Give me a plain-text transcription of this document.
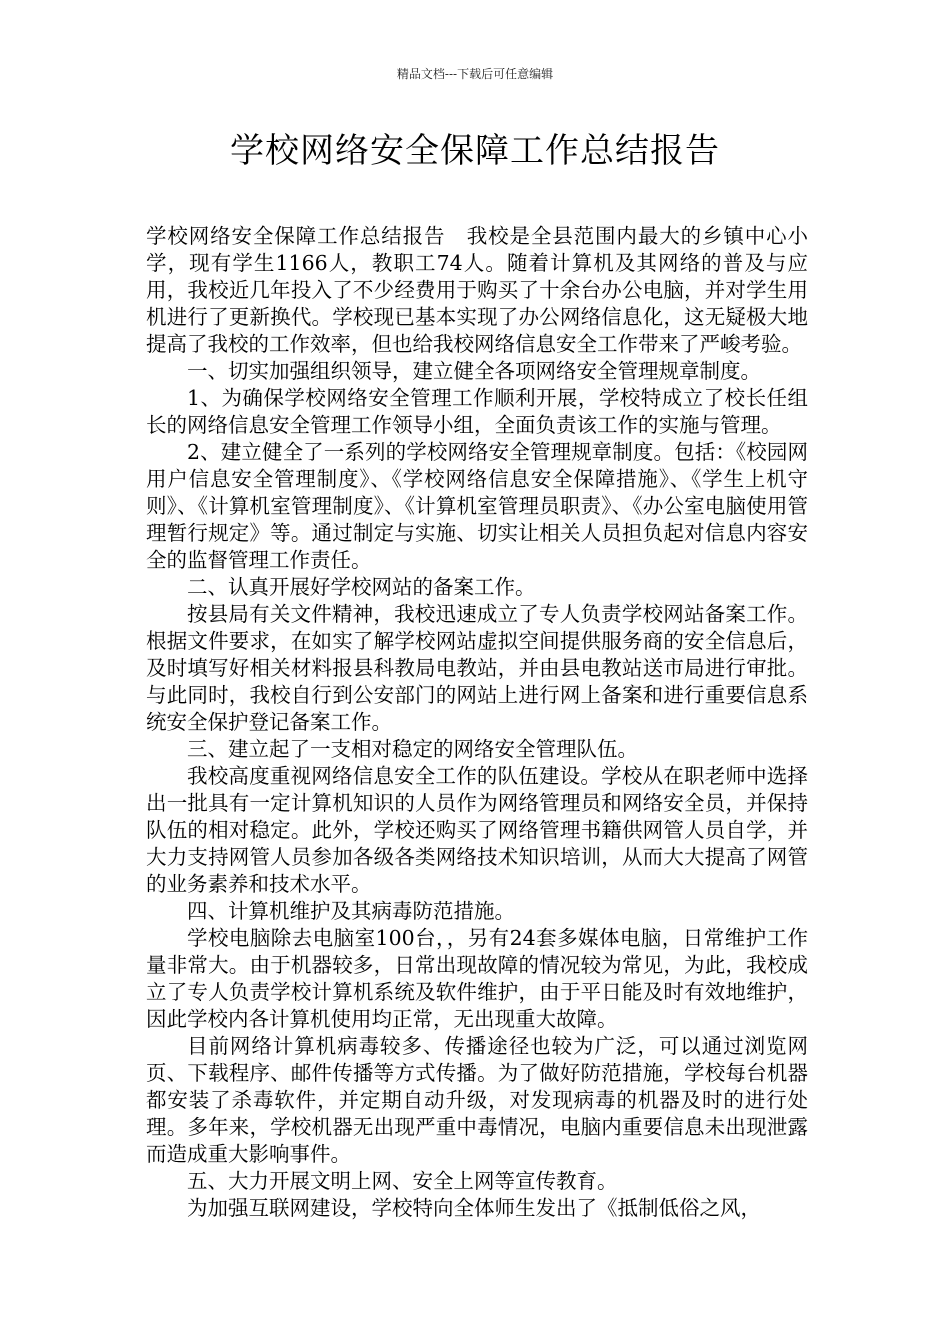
精品文档---下载后可任意编辑
学校网络安全保障工作总结报告

学校网络安全保障工作总结报告　我校是全县范围内最大的乡镇中心小学，现有学生1166人，教职工74人。随着计算机及其网络的普及与应用，我校近几年投入了不少经费用于购买了十余台办公电脑，并对学生用机进行了更新换代。学校现已基本实现了办公网络信息化，这无疑极大地提高了我校的工作效率，但也给我校网络信息安全工作带来了严峻考验。

一、切实加强组织领导，建立健全各项网络安全管理规章制度。

1、为确保学校网络安全管理工作顺利开展，学校特成立了校长任组长的网络信息安全管理工作领导小组，全面负责该工作的实施与管理。

2、建立健全了一系列的学校网络安全管理规章制度。包括：《校园网用户信息安全管理制度》、《学校网络信息安全保障措施》、《学生上机守则》、《计算机室管理制度》、《计算机室管理员职责》、《办公室电脑使用管理暂行规定》等。通过制定与实施、切实让相关人员担负起对信息内容安全的监督管理工作责任。

二、认真开展好学校网站的备案工作。

按县局有关文件精神，我校迅速成立了专人负责学校网站备案工作。根据文件要求，在如实了解学校网站虚拟空间提供服务商的安全信息后，及时填写好相关材料报县科教局电教站，并由县电教站送市局进行审批。与此同时，我校自行到公安部门的网站上进行网上备案和进行重要信息系统安全保护登记备案工作。

三、建立起了一支相对稳定的网络安全管理队伍。

我校高度重视网络信息安全工作的队伍建设。学校从在职老师中选择出一批具有一定计算机知识的人员作为网络管理员和网络安全员，并保持队伍的相对稳定。此外，学校还购买了网络管理书籍供网管人员自学，并大力支持网管人员参加各级各类网络技术知识培训，从而大大提高了网管的业务素养和技术水平。

四、计算机维护及其病毒防范措施。

学校电脑除去电脑室100台，，另有24套多媒体电脑，日常维护工作量非常大。由于机器较多，日常出现故障的情况较为常见，为此，我校成立了专人负责学校计算机系统及软件维护，由于平日能及时有效地维护，因此学校内各计算机使用均正常，无出现重大故障。

目前网络计算机病毒较多、传播途径也较为广泛，可以通过浏览网页、下载程序、邮件传播等方式传播。为了做好防范措施，学校每台机器都安装了杀毒软件，并定期自动升级，对发现病毒的机器及时的进行处理。多年来，学校机器无出现严重中毒情况，电脑内重要信息未出现泄露而造成重大影响事件。

五、大力开展文明上网、安全上网等宣传教育。

为加强互联网建设，学校特向全体师生发出了《抵制低俗之风，
